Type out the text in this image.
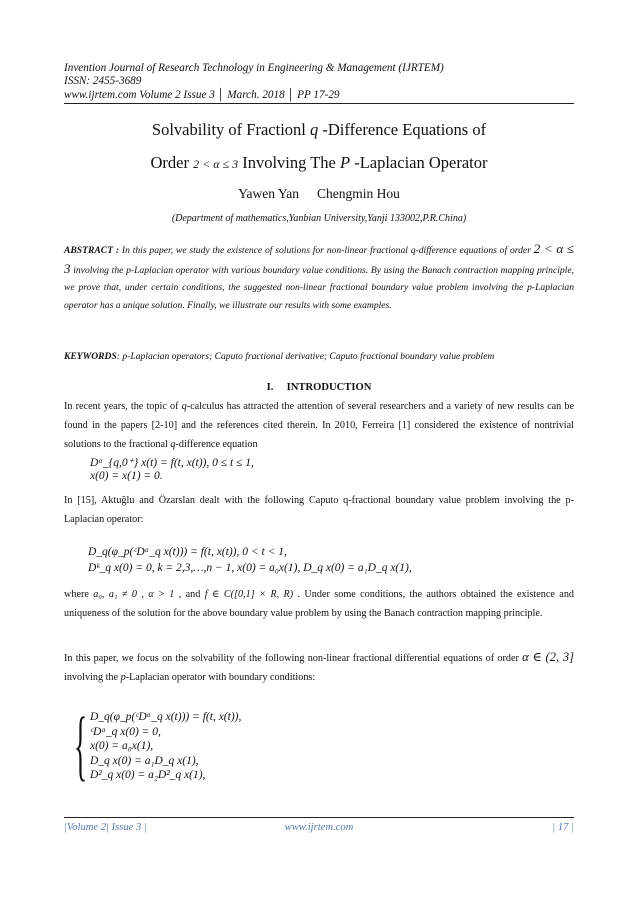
Invention Journal of Research Technology in Engineering & Management (IJRTEM)
ISSN: 2455-3689
www.ijrtem.com Volume 2 Issue 3 │ March. 2018 │ PP 17-29
Solvability of Fractionl q -Difference Equations of
Order 2 < α ≤ 3 Involving The P -Laplacian Operator
Yawen Yan Chengmin Hou
(Department of mathematics,Yanbian University,Yanji 133002,P.R.China)
ABSTRACT : In this paper, we study the existence of solutions for non-linear fractional q-difference equations of order 2 < α ≤ 3 involving the p-Laplacian operator with various boundary value conditions. By using the Banach contraction mapping principle, we prove that, under certain conditions, the suggested non-linear fractional boundary value problem involving the p-Laplacian operator has a unique solution. Finally, we illustrate our results with some examples.
KEYWORDS: p-Laplacian operators; Caputo fractional derivative; Caputo fractional boundary value problem
I. INTRODUCTION
In recent years, the topic of q-calculus has attracted the attention of several researchers and a variety of new results can be found in the papers [2-10] and the references cited therein. In 2010, Ferreira [1] considered the existence of nontrivial solutions to the fractional q-difference equation
Dᵅ_{q,0⁺} x(t) = f(t, x(t)), 0 ≤ t ≤ 1,
x(0) = x(1) = 0.
In [15], Aktuğlu and Özarslan dealt with the following Caputo q-fractional boundary value problem involving the p-Laplacian operator:
D_q(φ_p(ᶜDᵅ_q x(t))) = f(t, x(t)), 0 < t < 1,
Dᵏ_q x(0) = 0, k = 2,3,…,n − 1, x(0) = a₀x(1), D_q x(0) = a₁D_q x(1),
where a₀, a₁ ≠ 0 , α > 1 , and f ∈ C([0,1] × R, R) . Under some conditions, the authors obtained the existence and uniqueness of the solution for the above boundary value problem by using the Banach contraction mapping principle.
In this paper, we focus on the solvability of the following non-linear fractional differential equations of order α ∈ (2, 3] involving the p-Laplacian operator with boundary conditions:
{ D_q(φ_p(ᶜDᵅ_q x(t))) = f(t, x(t)),
ᶜDᵅ_q x(0) = 0,
x(0) = a₀x(1),
D_q x(0) = a₁D_q x(1),
D²_q x(0) = a₂D²_q x(1),
|Volume 2| Issue 3 |	www.ijrtem.com	| 17 |
